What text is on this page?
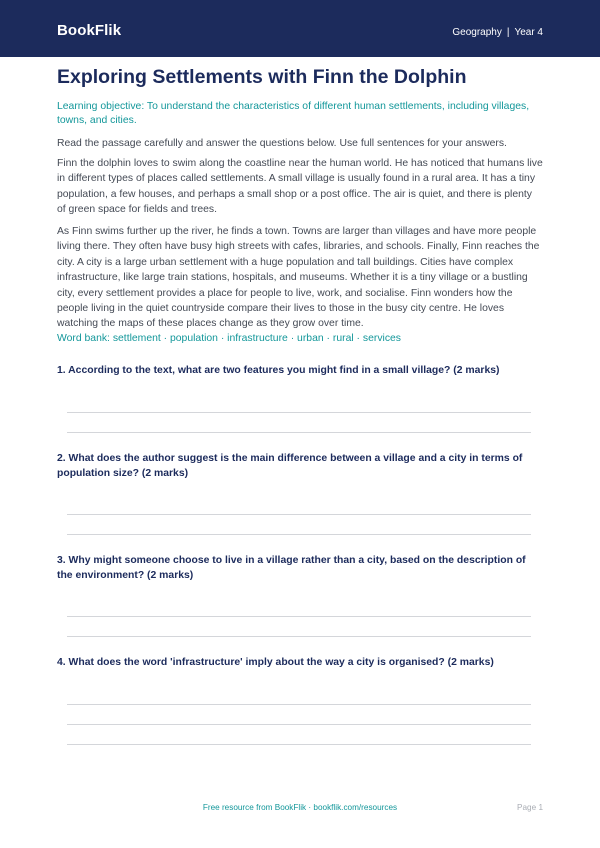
BookFlik	Geography | Year 4
Exploring Settlements with Finn the Dolphin

Learning objective: To understand the characteristics of different human settlements, including villages, towns, and cities.

Read the passage carefully and answer the questions below. Use full sentences for your answers.

Finn the dolphin loves to swim along the coastline near the human world. He has noticed that humans live in different types of places called settlements. A small village is usually found in a rural area. It has a tiny population, a few houses, and perhaps a small shop or a post office. The air is quiet, and there is plenty of green space for fields and trees.

As Finn swims further up the river, he finds a town. Towns are larger than villages and have more people living there. They often have busy high streets with cafes, libraries, and schools. Finally, Finn reaches the city. A city is a large urban settlement with a huge population and tall buildings. Cities have complex infrastructure, like large train stations, hospitals, and museums. Whether it is a tiny village or a bustling city, every settlement provides a place for people to live, work, and socialise. Finn wonders how the people living in the quiet countryside compare their lives to those in the busy city centre. He loves watching the maps of these places change as they grow over time.

Word bank: settlement · population · infrastructure · urban · rural · services

1. According to the text, what are two features you might find in a small village? (2 marks)

2. What does the author suggest is the main difference between a village and a city in terms of population size? (2 marks)

3. Why might someone choose to live in a village rather than a city, based on the description of the environment? (2 marks)

4. What does the word 'infrastructure' imply about the way a city is organised? (2 marks)

Free resource from BookFlik · bookflik.com/resources	Page 1
